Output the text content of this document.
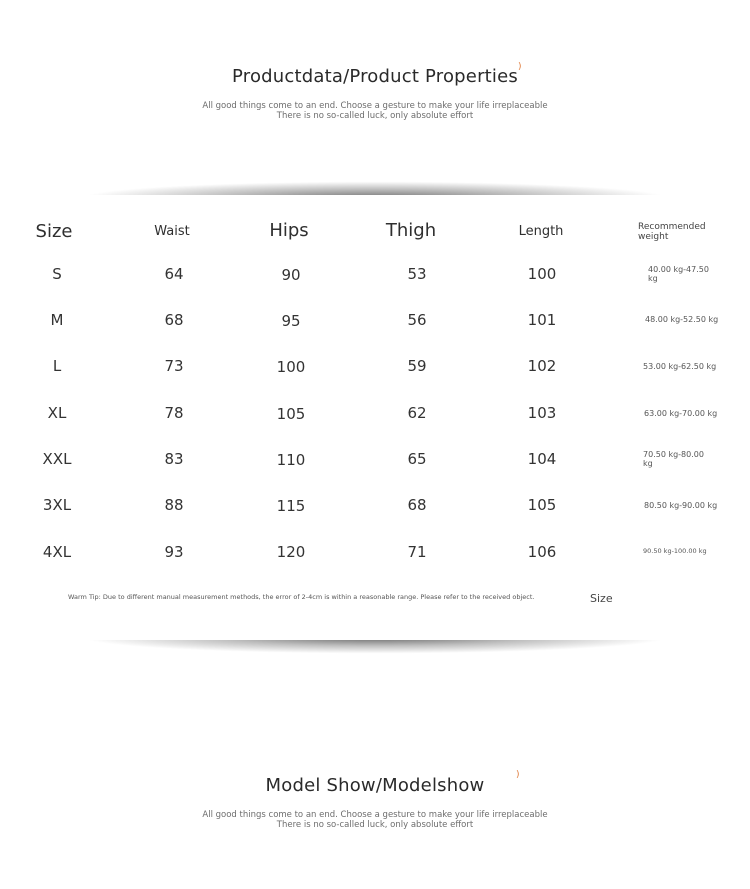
Productdata/Product Properties
All good things come to an end. Choose a gesture to make your life irreplaceable
There is no so-called luck, only absolute effort
)
Size	Waist	Hips	Thigh	Length	Recommended
weight
S	64	90	53	100	40.00 kg-47.50
kg
M	68	95	56	101	48.00 kg-52.50 kg
L	73	100	59	102	53.00 kg-62.50 kg
XL	78	105	62	103	63.00 kg-70.00 kg
XXL	83	110	65	104	70.50 kg-80.00
kg
3XL	88	115	68	105	80.50 kg-90.00 kg
4XL	93	120	71	106	90.50 kg-100.00 kg
Warm Tip: Due to different manual measurement methods, the error of 2-4cm is within a reasonable range. Please refer to the received object.	Size
Model Show/Modelshow
All good things come to an end. Choose a gesture to make your life irreplaceable
There is no so-called luck, only absolute effort
)
